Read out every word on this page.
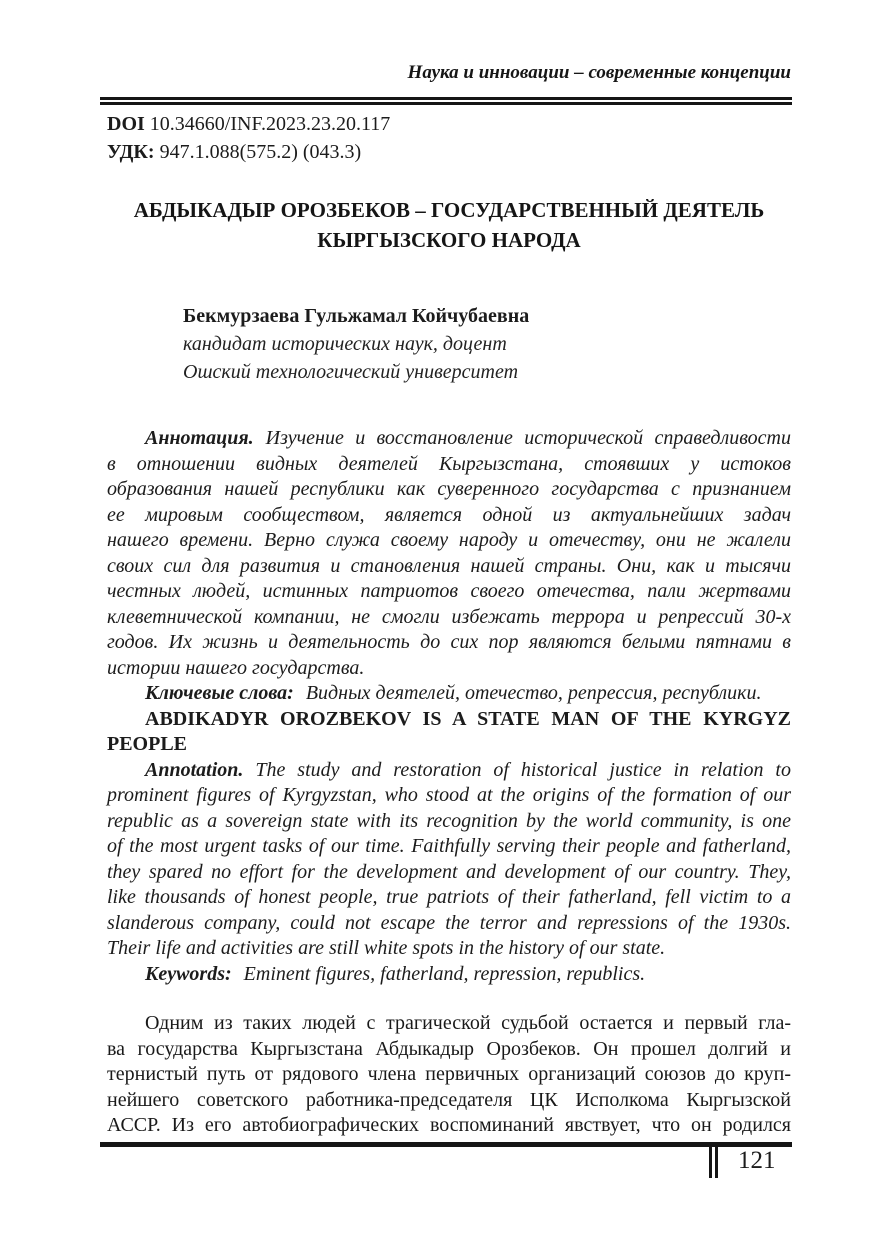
Наука и инновации – современные концепции
DOI 10.34660/INF.2023.23.20.117
УДК: 947.1.088(575.2) (043.3)
АБДЫКАДЫР ОРОЗБЕКОВ – ГОСУДАРСТВЕННЫЙ ДЕЯТЕЛЬ
КЫРГЫЗСКОГО НАРОДА
Бекмурзаева Гульжамал Койчубаевна
кандидат исторических наук, доцент
Ошский технологический университет
Аннотация. Изучение и восстановление исторической справедливости
в отношении видных деятелей Кыргызстана, стоявших у истоков
образования нашей республики как суверенного государства с признанием
ее мировым сообществом, является одной из актуальнейших задач
нашего времени. Верно служа своему народу и отечеству, они не жалели
своих сил для развития и становления нашей страны. Они, как и тысячи
честных людей, истинных патриотов своего отечества, пали жертвами
клеветнической компании, не смогли избежать террора и репрессий 30-х
годов. Их жизнь и деятельность до сих пор являются белыми пятнами в
истории нашего государства.
Ключевые слова: Видных деятелей, отечество, репрессия, республики.
ABDIKADYR OROZBEKOV IS A STATE MAN OF THE KYRGYZ
PEOPLE
Annotation. The study and restoration of historical justice in relation to
prominent figures of Kyrgyzstan, who stood at the origins of the formation of our
republic as a sovereign state with its recognition by the world community, is one
of the most urgent tasks of our time. Faithfully serving their people and fatherland,
they spared no effort for the development and development of our country. They,
like thousands of honest people, true patriots of their fatherland, fell victim to a
slanderous company, could not escape the terror and repressions of the 1930s.
Their life and activities are still white spots in the history of our state.
Keywords: Eminent figures, fatherland, repression, republics.
Одним из таких людей с трагической судьбой остается и первый гла-
ва государства Кыргызстана Абдыкадыр Орозбеков. Он прошел долгий и
тернистый путь от рядового члена первичных организаций союзов до круп-
нейшего советского работника-председателя ЦК Исполкома Кыргызской
АССР. Из его автобиографических воспоминаний явствует, что он родился
121
